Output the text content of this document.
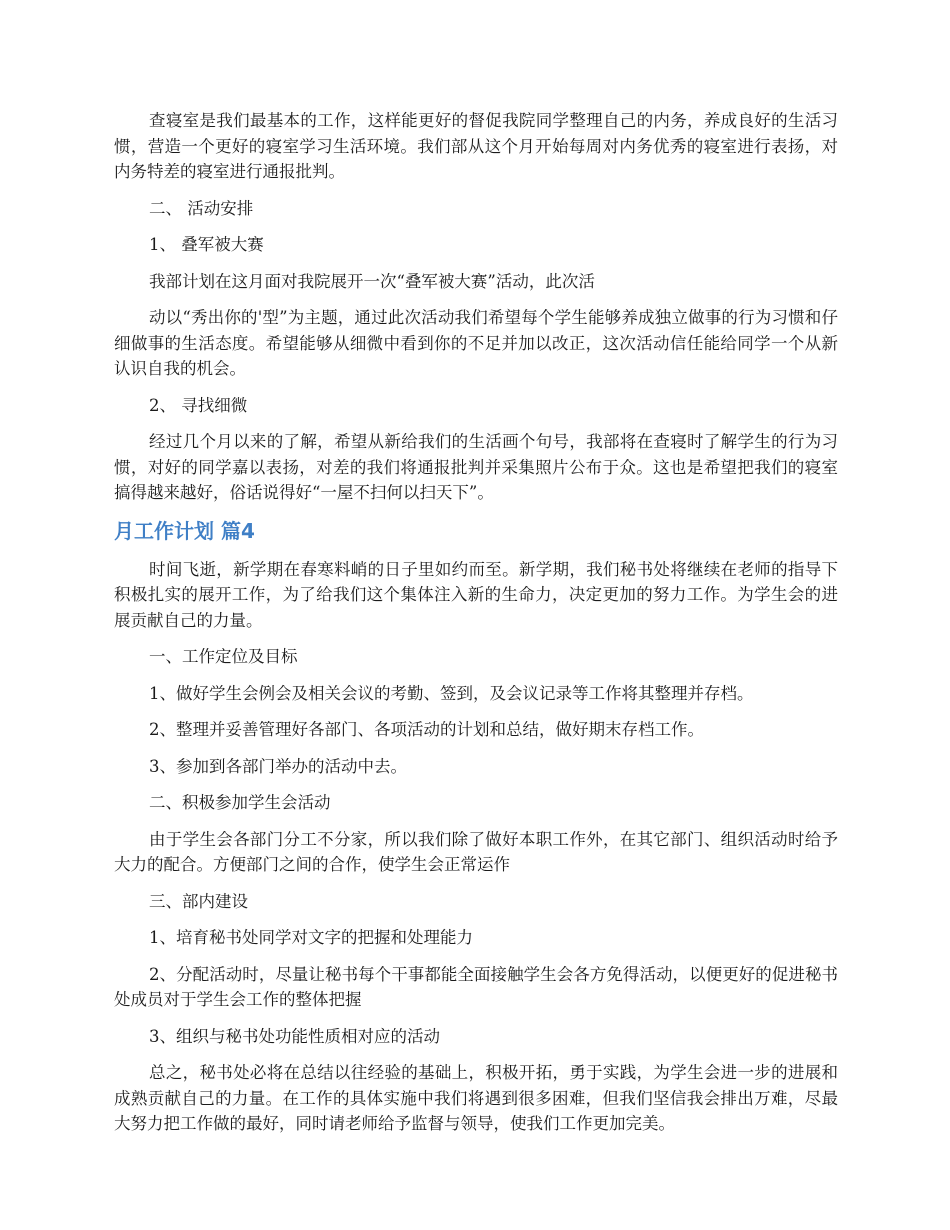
查寝室是我们最基本的工作，这样能更好的督促我院同学整理自己的内务，养成良好的生活习惯，营造一个更好的寝室学习生活环境。我们部从这个月开始每周对内务优秀的寝室进行表扬，对内务特差的寝室进行通报批判。

二、 活动安排

1、 叠军被大赛

我部计划在这月面对我院展开一次“叠军被大赛”活动，此次活

动以“秀出你的'型”为主题，通过此次活动我们希望每个学生能够养成独立做事的行为习惯和仔细做事的生活态度。希望能够从细微中看到你的不足并加以改正，这次活动信任能给同学一个从新认识自我的机会。

2、 寻找细微

经过几个月以来的了解，希望从新给我们的生活画个句号，我部将在查寝时了解学生的行为习惯，对好的同学嘉以表扬，对差的我们将通报批判并采集照片公布于众。这也是希望把我们的寝室搞得越来越好，俗话说得好“一屋不扫何以扫天下”。

月工作计划 篇4

时间飞逝，新学期在春寒料峭的日子里如约而至。新学期，我们秘书处将继续在老师的指导下积极扎实的展开工作，为了给我们这个集体注入新的生命力，决定更加的努力工作。为学生会的进展贡献自己的力量。

一、工作定位及目标

1、做好学生会例会及相关会议的考勤、签到，及会议记录等工作将其整理并存档。

2、整理并妥善管理好各部门、各项活动的计划和总结，做好期末存档工作。

3、参加到各部门举办的活动中去。

二、积极参加学生会活动

由于学生会各部门分工不分家，所以我们除了做好本职工作外，在其它部门、组织活动时给予大力的配合。方便部门之间的合作，使学生会正常运作

三、部内建设

1、培育秘书处同学对文字的把握和处理能力

2、分配活动时，尽量让秘书每个干事都能全面接触学生会各方免得活动，以便更好的促进秘书处成员对于学生会工作的整体把握

3、组织与秘书处功能性质相对应的活动

总之，秘书处必将在总结以往经验的基础上，积极开拓，勇于实践，为学生会进一步的进展和成熟贡献自己的力量。在工作的具体实施中我们将遇到很多困难，但我们坚信我会排出万难，尽最大努力把工作做的最好，同时请老师给予监督与领导，使我们工作更加完美。
